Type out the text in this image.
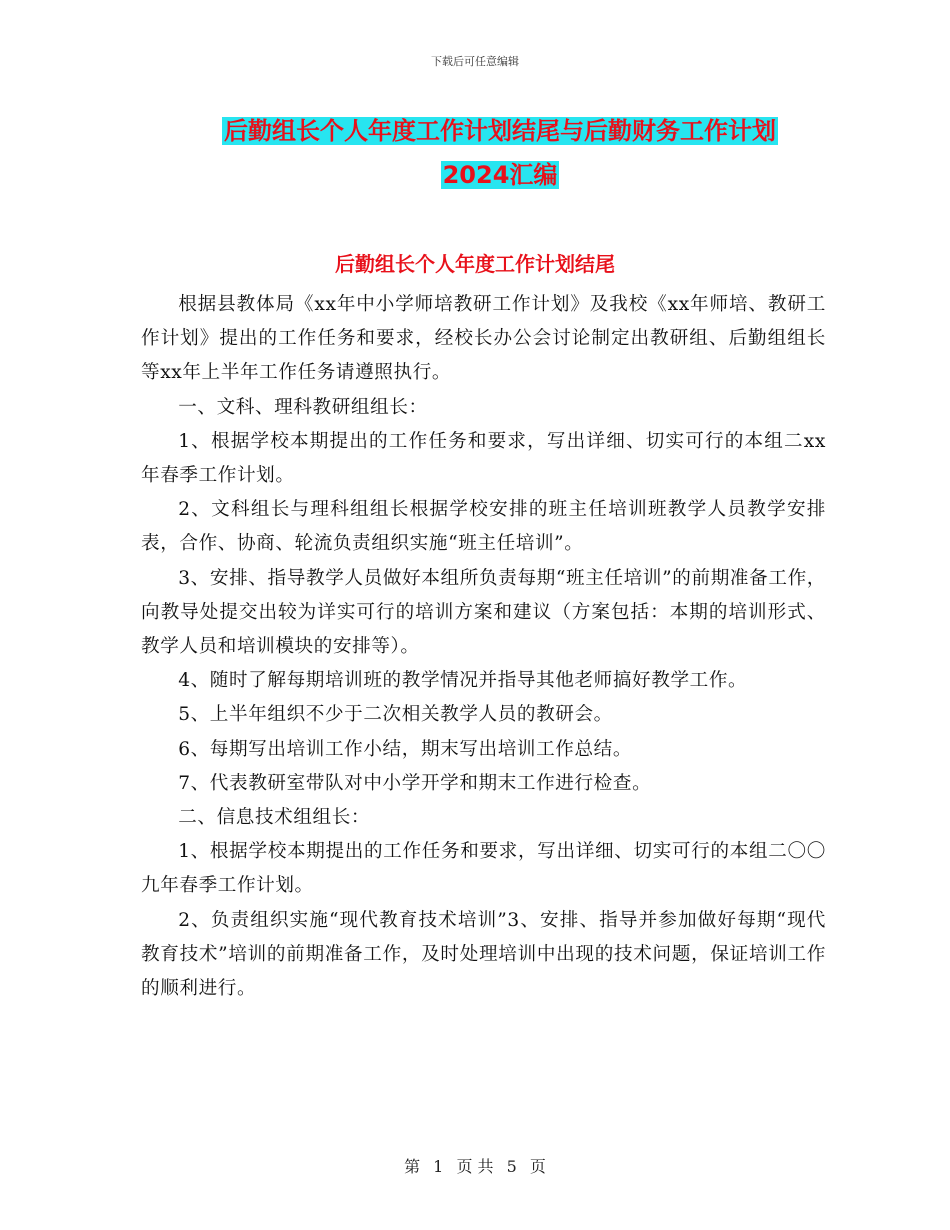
下载后可任意编辑
后勤组长个人年度工作计划结尾与后勤财务工作计划
2024汇编
后勤组长个人年度工作计划结尾

根据县教体局《xx年中小学师培教研工作计划》及我校《xx年师培、教研工作计划》提出的工作任务和要求，经校长办公会讨论制定出教研组、后勤组组长等xx年上半年工作任务请遵照执行。

一、文科、理科教研组组长：

1、根据学校本期提出的工作任务和要求，写出详细、切实可行的本组二xx年春季工作计划。

2、文科组长与理科组组长根据学校安排的班主任培训班教学人员教学安排表，合作、协商、轮流负责组织实施“班主任培训”。

3、安排、指导教学人员做好本组所负责每期“班主任培训”的前期准备工作，向教导处提交出较为详实可行的培训方案和建议（方案包括：本期的培训形式、教学人员和培训模块的安排等）。

4、随时了解每期培训班的教学情况并指导其他老师搞好教学工作。

5、上半年组织不少于二次相关教学人员的教研会。

6、每期写出培训工作小结，期末写出培训工作总结。

7、代表教研室带队对中小学开学和期末工作进行检查。

二、信息技术组组长：

1、根据学校本期提出的工作任务和要求，写出详细、切实可行的本组二〇〇九年春季工作计划。

2、负责组织实施“现代教育技术培训”3、安排、指导并参加做好每期“现代教育技术”培训的前期准备工作，及时处理培训中出现的技术问题，保证培训工作的顺利进行。

第 1 页 共 5 页
